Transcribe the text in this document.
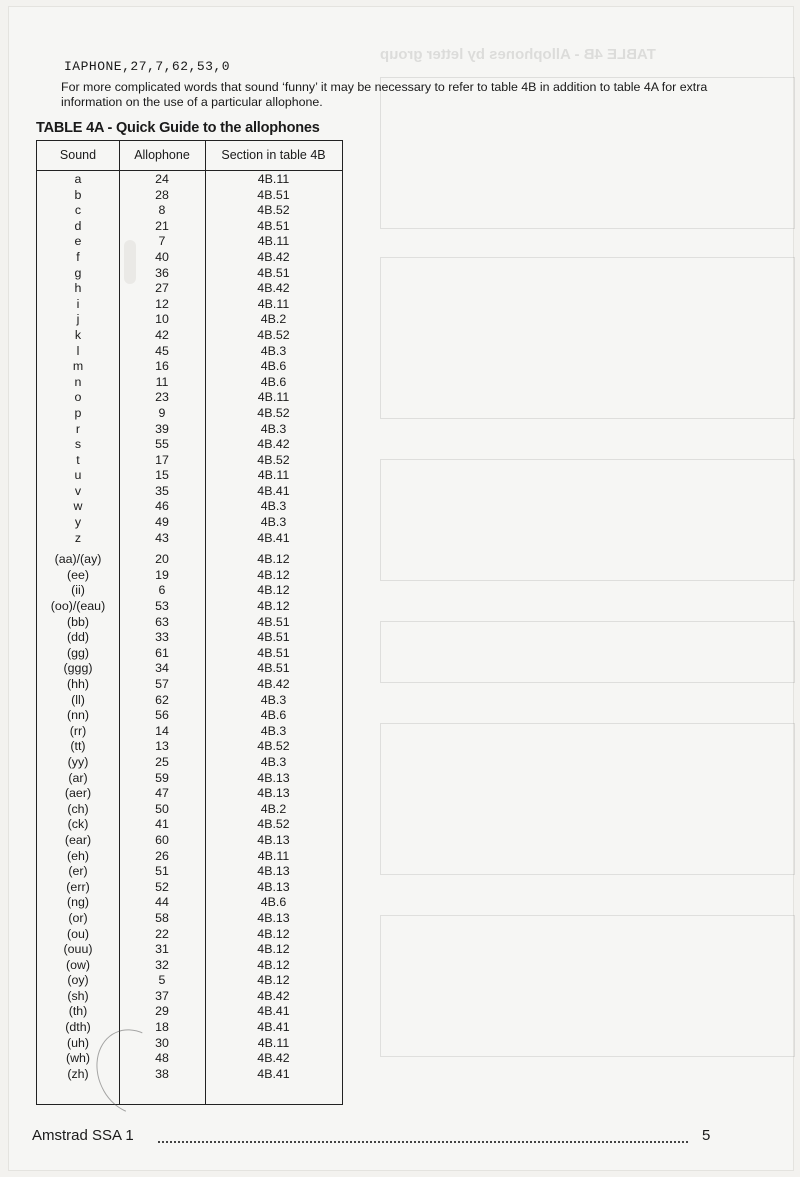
TABLE 4B - Allophones by letter group
IAPHONE,27,7,62,53,0
For more complicated words that sound ‘funny’ it may be necessary to refer to table 4B in addition to table 4A for extra information on the use of a particular allophone.
TABLE 4A - Quick Guide to the allophones
Sound	Allophone	Section in table 4B
a	24	4B.11
b	28	4B.51
c	8	4B.52
d	21	4B.51
e	7	4B.11
f	40	4B.42
g	36	4B.51
h	27	4B.42
i	12	4B.11
j	10	4B.2
k	42	4B.52
l	45	4B.3
m	16	4B.6
n	11	4B.6
o	23	4B.11
p	9	4B.52
r	39	4B.3
s	55	4B.42
t	17	4B.52
u	15	4B.11
v	35	4B.41
w	46	4B.3
y	49	4B.3
z	43	4B.41
(aa)/(ay)	20	4B.12
(ee)	19	4B.12
(ii)	6	4B.12
(oo)/(eau)	53	4B.12
(bb)	63	4B.51
(dd)	33	4B.51
(gg)	61	4B.51
(ggg)	34	4B.51
(hh)	57	4B.42
(ll)	62	4B.3
(nn)	56	4B.6
(rr)	14	4B.3
(tt)	13	4B.52
(yy)	25	4B.3
(ar)	59	4B.13
(aer)	47	4B.13
(ch)	50	4B.2
(ck)	41	4B.52
(ear)	60	4B.13
(eh)	26	4B.11
(er)	51	4B.13
(err)	52	4B.13
(ng)	44	4B.6
(or)	58	4B.13
(ou)	22	4B.12
(ouu)	31	4B.12
(ow)	32	4B.12
(oy)	5	4B.12
(sh)	37	4B.42
(th)	29	4B.41
(dth)	18	4B.41
(uh)	30	4B.11
(wh)	48	4B.42
(zh)	38	4B.41
Amstrad SSA 1	5
